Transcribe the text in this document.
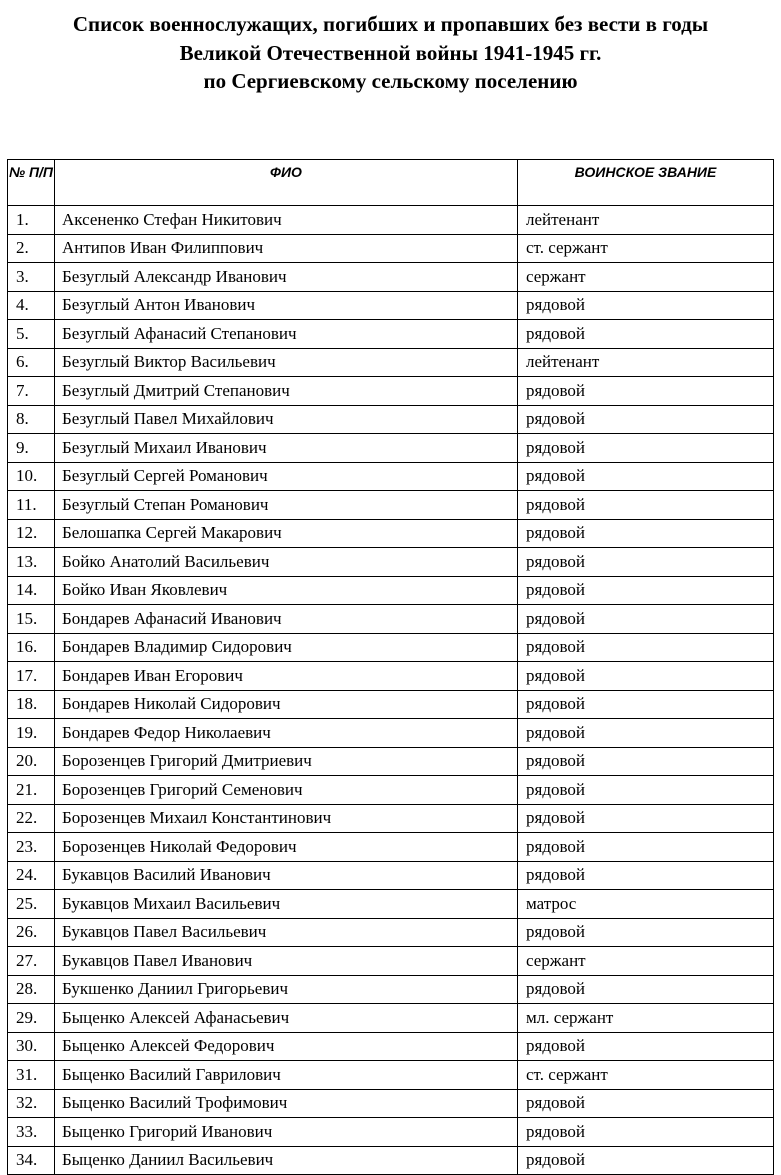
Список военнослужащих, погибших и пропавших без вести в годы
Великой Отечественной войны 1941-1945 гг.
по Сергиевскому сельскому поселению
№ П/П	ФИО	ВОИНСКОЕ ЗВАНИЕ
1.	Аксененко Стефан Никитович	лейтенант
2.	Антипов Иван Филиппович	ст. сержант
3.	Безуглый Александр Иванович	сержант
4.	Безуглый Антон Иванович	рядовой
5.	Безуглый Афанасий Степанович	рядовой
6.	Безуглый Виктор Васильевич	лейтенант
7.	Безуглый Дмитрий Степанович	рядовой
8.	Безуглый Павел Михайлович	рядовой
9.	Безуглый Михаил Иванович	рядовой
10.	Безуглый Сергей Романович	рядовой
11.	Безуглый Степан Романович	рядовой
12.	Белошапка Сергей Макарович	рядовой
13.	Бойко Анатолий Васильевич	рядовой
14.	Бойко Иван Яковлевич	рядовой
15.	Бондарев Афанасий Иванович	рядовой
16.	Бондарев Владимир Сидорович	рядовой
17.	Бондарев Иван Егорович	рядовой
18.	Бондарев Николай Сидорович	рядовой
19.	Бондарев Федор Николаевич	рядовой
20.	Борозенцев Григорий Дмитриевич	рядовой
21.	Борозенцев Григорий Семенович	рядовой
22.	Борозенцев Михаил Константинович	рядовой
23.	Борозенцев Николай Федорович	рядовой
24.	Букавцов Василий Иванович	рядовой
25.	Букавцов Михаил Васильевич	матрос
26.	Букавцов Павел Васильевич	рядовой
27.	Букавцов Павел Иванович	сержант
28.	Букшенко Даниил Григорьевич	рядовой
29.	Быценко Алексей Афанасьевич	мл. сержант
30.	Быценко Алексей Федорович	рядовой
31.	Быценко Василий Гаврилович	ст. сержант
32.	Быценко Василий Трофимович	рядовой
33.	Быценко Григорий Иванович	рядовой
34.	Быценко Даниил Васильевич	рядовой
